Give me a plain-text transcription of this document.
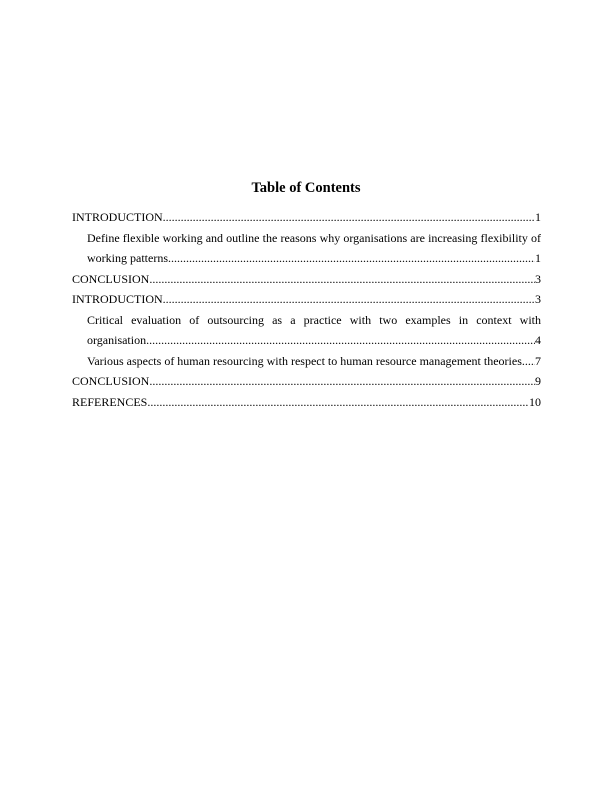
Table of Contents
INTRODUCTION .....	1
Define flexible working and outline the reasons why organisations are increasing flexibility of
working patterns .....	1
CONCLUSION .....	3
INTRODUCTION .....	3
Critical evaluation of outsourcing as a practice with two examples in context with
organisation .....	4
Various aspects of human resourcing with respect to human resource management theories ..... 7
CONCLUSION .....	9
REFERENCES .....	10
